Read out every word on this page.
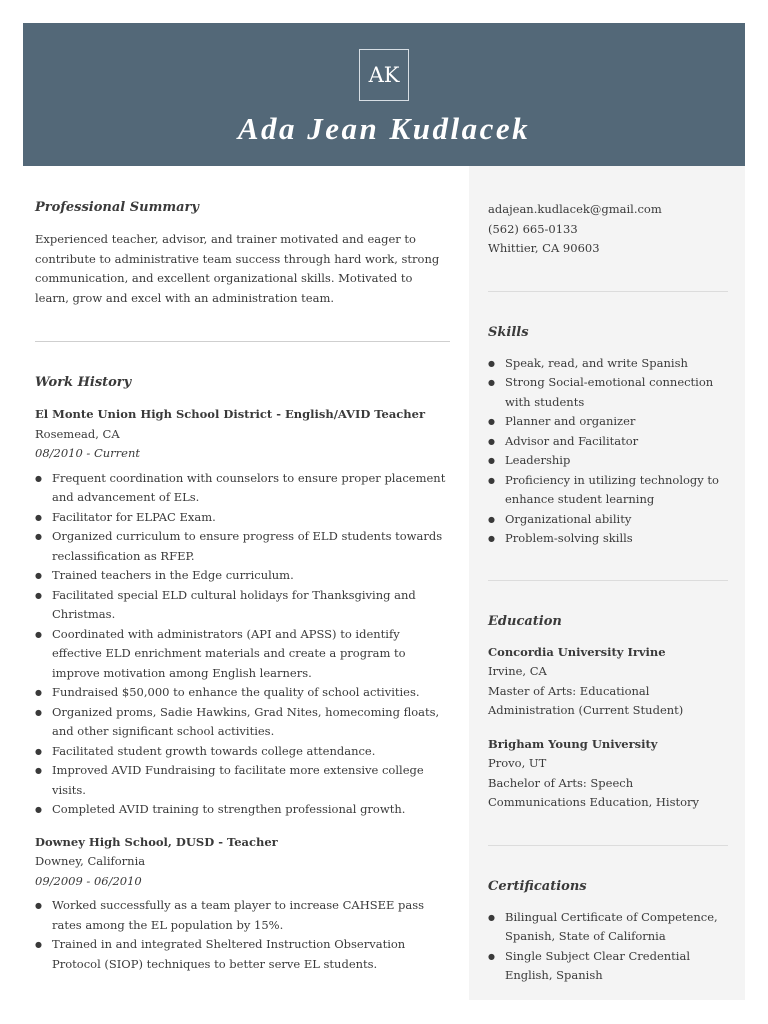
AK
Ada Jean Kudlacek
Professional Summary

Experienced teacher, advisor, and trainer motivated and eager to contribute to administrative team success through hard work, strong communication, and excellent organizational skills. Motivated to learn, grow and excel with an administration team.

Work History
El Monte Union High School District - English/AVID Teacher
Rosemead, CA
08/2010 - Current
● Frequent coordination with counselors to ensure proper placement and advancement of ELs.
● Facilitator for ELPAC Exam.
● Organized curriculum to ensure progress of ELD students towards reclassification as RFEP.
● Trained teachers in the Edge curriculum.
● Facilitated special ELD cultural holidays for Thanksgiving and Christmas.
● Coordinated with administrators (API and APSS) to identify effective ELD enrichment materials and create a program to improve motivation among English learners.
● Fundraised $50,000 to enhance the quality of school activities.
● Organized proms, Sadie Hawkins, Grad Nites, homecoming floats, and other significant school activities.
● Facilitated student growth towards college attendance.
● Improved AVID Fundraising to facilitate more extensive college visits.
● Completed AVID training to strengthen professional growth.
Downey High School, DUSD - Teacher
Downey, California
09/2009 - 06/2010
● Worked successfully as a team player to increase CAHSEE pass rates among the EL population by 15%.
● Trained in and integrated Sheltered Instruction Observation Protocol (SIOP) techniques to better serve EL students.
adajean.kudlacek@gmail.com
(562) 665-0133
Whittier, CA 90603
Skills
● Speak, read, and write Spanish
● Strong Social-emotional connection with students
● Planner and organizer
● Advisor and Facilitator
● Leadership
● Proficiency in utilizing technology to enhance student learning
● Organizational ability
● Problem-solving skills
Education
Concordia University Irvine
Irvine, CA
Master of Arts: Educational Administration (Current Student)
Brigham Young University
Provo, UT
Bachelor of Arts: Speech Communications Education, History
Certifications
● Bilingual Certificate of Competence, Spanish, State of California
● Single Subject Clear Credential English, Spanish
